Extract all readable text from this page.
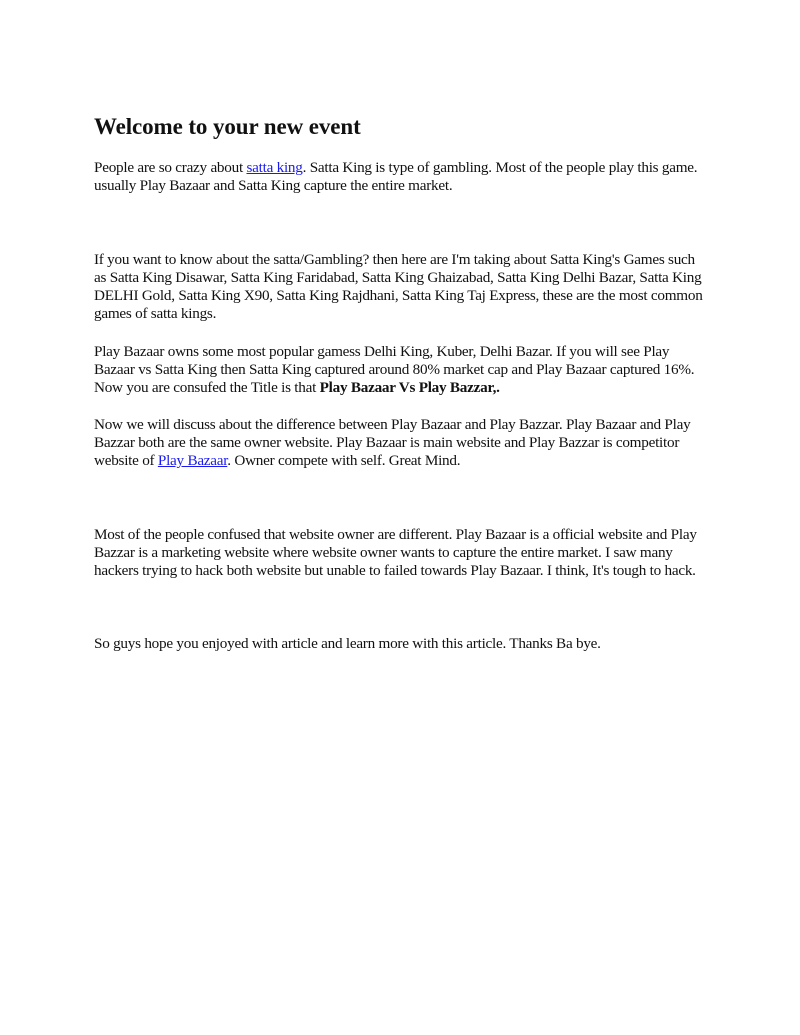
Welcome to your new event

People are so crazy about satta king. Satta King is type of gambling. Most of the people play this game. usually Play Bazaar and Satta King capture the entire market.

If you want to know about the satta/Gambling? then here are I'm taking about Satta King's Games such as Satta King Disawar, Satta King Faridabad, Satta King Ghaizabad, Satta King Delhi Bazar, Satta King DELHI Gold, Satta King X90, Satta King Rajdhani, Satta King Taj Express, these are the most common games of satta kings.

Play Bazaar owns some most popular gamess Delhi King, Kuber, Delhi Bazar. If you will see Play Bazaar vs Satta King then Satta King captured around 80% market cap and Play Bazaar captured 16%. Now you are consufed the Title is that Play Bazaar Vs Play Bazzar,.

Now we will discuss about the difference between Play Bazaar and Play Bazzar. Play Bazaar and Play Bazzar both are the same owner website. Play Bazaar is main website and Play Bazzar is competitor website of Play Bazaar. Owner compete with self. Great Mind.

Most of the people confused that website owner are different. Play Bazaar is a official website and Play Bazzar is a marketing website where website owner wants to capture the entire market. I saw many hackers trying to hack both website but unable to failed towards Play Bazaar. I think, It's tough to hack.

So guys hope you enjoyed with article and learn more with this article. Thanks Ba bye.
